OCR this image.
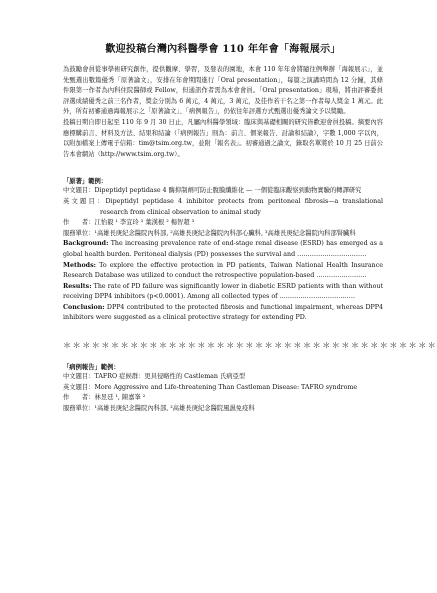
歡迎投稿台灣內科醫學會 110 年年會「海報展示」

為鼓勵會員從事學術研究創作，提供觀摩、學習，及發表的園地，本會 110 年年會將隨往例舉辦「海報展示」，並先甄選出數篇優秀「原著論文」，安排在年會期間進行「Oral presentation」，每篇之演講時間為 12 分鐘，其條件限第一作者為內科住院醫師或 Fellow，但通訊作者需為本會會員。「Oral presentation」現場，將由評審委員評選成績優秀之前三名作者，獎金分別為 6 萬元，4 萬元，3 萬元，及佳作若干名之第一作者每人獎金 1 萬元。此外，所有初審通過海報展示之「原著論文」、「病例報告」，仍依往年評選方式甄選出優秀論文予以獎勵。

投稿日期自即日起至 110 年 9 月 30 日止，凡屬內科醫學領域：臨床與基礎相關的研究皆歡迎會員投稿。摘要內容應標購前言、材料及方法、結果和結論（「病例報告」則為：前言、個案報告、討論和結論），字數 1,000 字以內，以附加檔案上傳電子信箱：tim@tsim.org.tw，並附「報名表」。初審通過之論文，錄取名單將於 10 月 25 日前公告本會網站（http://www.tsim.org.tw）。

「原著」範例：

中文題目：Dipeptidyl peptidase 4 酶抑制劑可防止腹膜纖維化 — 一個從臨床觀察到動物實驗的轉譯研究

英文題目：Dipeptidyl peptidase 4 inhibitor protects from peritoneal fibrosis—a translational research from clinical observation to animal study

作　　者：江怡毅 ¹ 李宜玲 ² 葉漢根 ² 楊智超 ³

服務單位：¹高雄長庚紀念醫院內科部, ²高雄長庚紀念醫院內科部心臟科, ³高雄長庚紀念醫院內科部腎臟科

Background: The increasing prevalence rate of end-stage renal disease (ESRD) has emerged as a global health burden. Peritoneal dialysis (PD) possesses the survival and ……………………………

Methods: To explore the effective protection in PD patients, Taiwan National Health Insurance Research Database was utilized to conduct the retrospective population-based ……………………

Results: The rate of PD failure was significantly lower in diabetic ESRD patients with than without receiving DPP4 inhibitors (p<0.0001). Among all collected types of ………………………………

Conclusion: DPP4 contributed to the protected fibrosis and functional impairment, whereas DPP4 inhibitors were suggested as a clinical protective strategy for extending PD.

＊＊＊＊＊＊＊＊＊＊＊＊＊＊＊＊＊＊＊＊＊＊＊＊＊＊＊＊＊＊＊＊＊＊＊＊＊＊＊
「病例報告」範例：

中文題目：TAFRO 症候群：更具侵略性的 Castleman 氏病亞型

英文題目：More Aggressive and Life-threatening Than Castleman Disease: TAFRO syndrome

作　　者：林昱廷 ¹, 陳嘉峯 ²

服務單位：¹高雄長庚紀念醫院內科部, ²高雄長庚紀念醫院風濕免疫科
